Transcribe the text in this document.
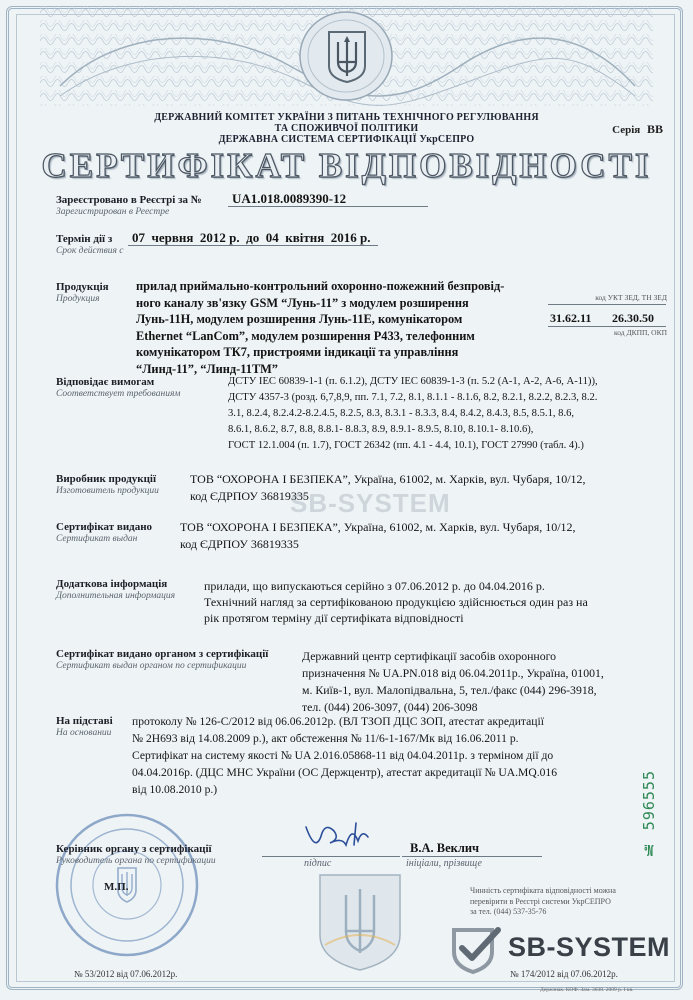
ДЕРЖАВНИЙ КОМІТЕТ УКРАЇНИ З ПИТАНЬ ТЕХНІЧНОГО РЕГУЛЮВАННЯ
ТА СПОЖИВЧОЇ ПОЛІТИКИ
ДЕРЖАВНА СИСТЕМА СЕРТИФІКАЦІЇ УкрСЕПРО
Серія ВВ
СЕРТИФІКАТ ВІДПОВІДНОСТІ
Зареєстровано в Реєстрі за №
Зарегистрирован в Реестре
UA1.018.0089390-12
Термін дії з
Срок действия с
07 червня 2012 р. до 04 квітня 2016 р.
Продукція
Продукция
прилад приймально-контрольний охоронно-пожежний безпровід-
ного каналу зв'язку GSM “Лунь-11” з модулем розширення
Лунь-11Н, модулем розширення Лунь-11Е, комунікатором
Ethernet “LanCom”, модулем розширення Р433, телефонним
комунікатором ТК7, пристроями індикації та управління
“Линд-11”, “Линд-11ТМ”
код УКТ ЗЕД, ТН ЗЕД
31.62.11 26.30.50
код ДКПП, ОКП
Відповідає вимогам
Соответствует требованиям
ДСТУ ІЕС 60839-1-1 (п. 6.1.2), ДСТУ ІЕС 60839-1-3 (п. 5.2 (А-1, А-2, А-6, А-11)),
ДСТУ 4357-3 (розд. 6,7,8,9, пп. 7.1, 7.2, 8.1, 8.1.1 - 8.1.6, 8.2, 8.2.1, 8.2.2, 8.2.3, 8.2.
3.1, 8.2.4, 8.2.4.2-8.2.4.5, 8.2.5, 8.3, 8.3.1 - 8.3.3, 8.4, 8.4.2, 8.4.3, 8.5, 8.5.1, 8.6,
8.6.1, 8.6.2, 8.7, 8.8, 8.8.1- 8.8.3, 8.9, 8.9.1- 8.9.5, 8.10, 8.10.1- 8.10.6),
ГОСТ 12.1.004 (п. 1.7), ГОСТ 26342 (пп. 4.1 - 4.4, 10.1), ГОСТ 27990 (табл. 4).)
Виробник продукції
Изготовитель продукции
ТОВ “ОХОРОНА І БЕЗПЕКА”, Україна, 61002, м. Харків, вул. Чубаря, 10/12,
код ЄДРПОУ 36819335
SB-SYSTEM
Сертифікат видано
Сертификат выдан
ТОВ “ОХОРОНА І БЕЗПЕКА”, Україна, 61002, м. Харків, вул. Чубаря, 10/12,
код ЄДРПОУ 36819335
Додаткова інформація
Дополнительная информация
прилади, що випускаються серійно з 07.06.2012 р. до 04.04.2016 р.
Технічний нагляд за сертифікованою продукцією здійснюється один раз на
рік протягом терміну дії сертифіката відповідності
Сертифікат видано органом з сертифікації
Сертификат выдан органом по сертификации
Державний центр сертифікації засобів охоронного
призначення № UA.PN.018 від 06.04.2011р., Україна, 01001,
м. Київ-1, вул. Малопідвальна, 5, тел./факс (044) 296-3918,
тел. (044) 206-3097, (044) 206-3098
На підставі
На основании
протоколу № 126-С/2012 від 06.06.2012р. (ВЛ ТЗОП ДЦС ЗОП, атестат акредитації
№ 2Н693 від 14.08.2009 р.), акт обстеження № 11/6-1-167/Мк від 16.06.2011 р.
Сертифікат на систему якості № UA 2.016.05868-11 від 04.04.2011р. з терміном дії до
04.04.2016р. (ДЦС МНС України (ОС Держцентр), атестат акредитації № UA.MQ.016
від 10.08.2010 р.)	№ 596555
Керівник органу з сертифікації
Руководитель органа по сертификации	підпис
В.А. Веклич
ініціали, прізвище
М.П.	Чинність сертифіката відповідності можна
перевірити в Реєстрі системи УкрСЕПРО
за тел. (044) 537-35-76
SB-SYSTEM
№ 53/2012 від 07.06.2012р.	№ 174/2012 від 07.06.2012р.
Держзнак. КОФ. Зам. 3038. 2009 р. І кв.
